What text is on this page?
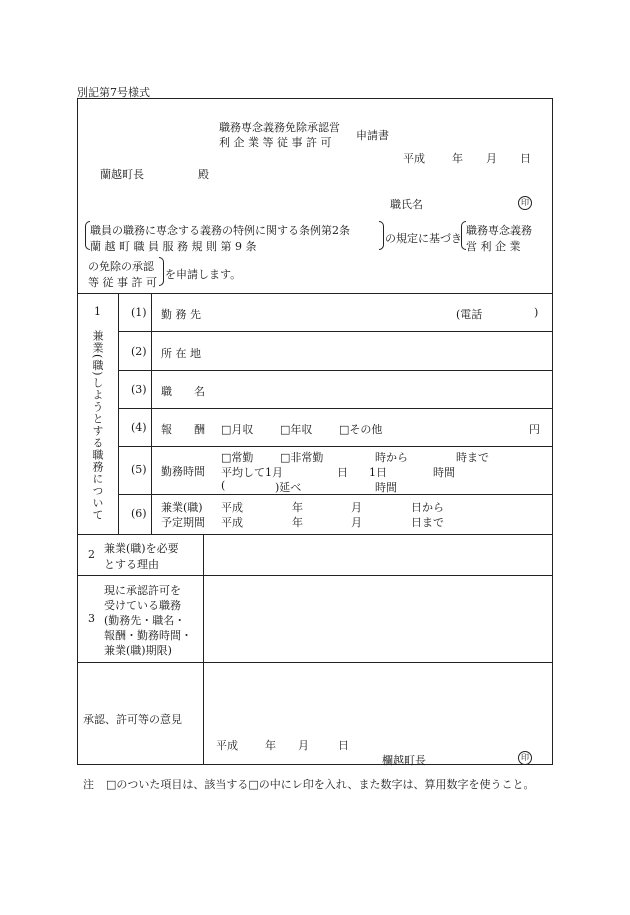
別記第7号様式
職務専念義務免除承認営
利 企 業 等 従 事 許 可
申請書
平成 年 月 日
蘭越町長	殿
職氏名	印
職員の職務に専念する義務の特例に関する条例第2条
蘭 越 町 職 員 服 務 規 則 第 9 条
の規定に基づき
職務専念義務
営 利 企 業
の免除の承認
等 従 事 許 可
を申請します。
1
兼業(職)しようとする職務について
(1) 勤 務 先	(電話	)
(2) 所 在 地
(3) 職　　名
(4) 報　　酬 □月収 □年収 □その他	円
(5) 勤務時間
□常勤 □非常勤	時から	時まで
平均して1月	日 1日	時間
(	)延べ	時間
(6) 兼業(職)
予定期間
平成	年	月	日から
平成	年	月	日まで
2 兼業(職)を必要
とする理由
3
現に承認許可を
受けている職務
(勤務先・職名・
報酬・勤務時間・
兼業(職)期限)
承認、許可等の意見
平成 年 月	日
欄越町長	印
注 □のついた項目は、該当する□の中にレ印を入れ、また数字は、算用数字を使うこと。
